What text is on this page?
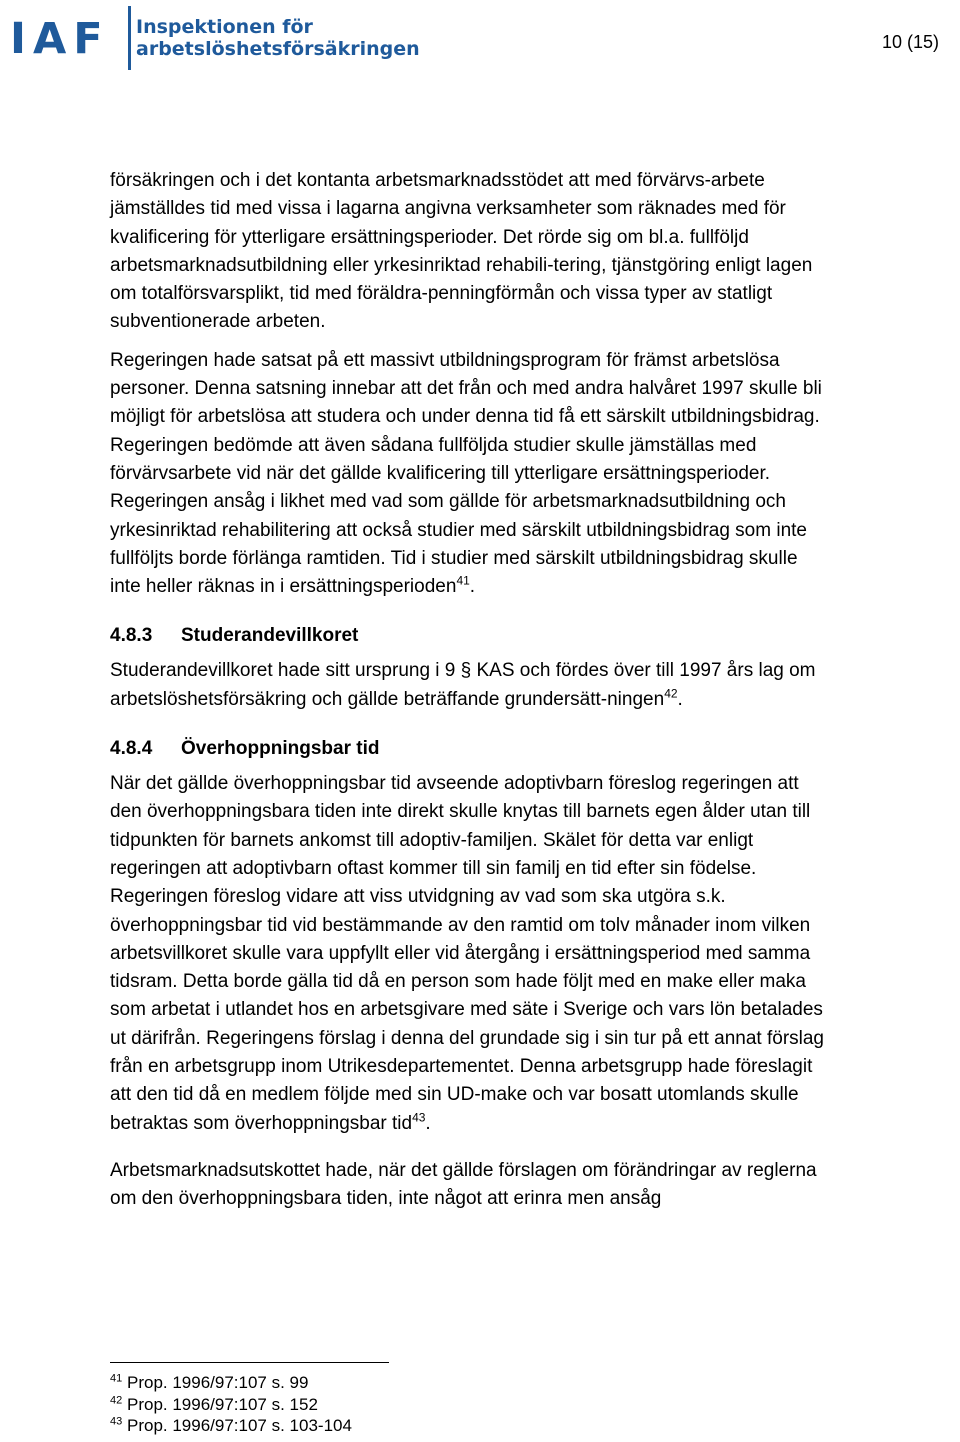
IAF Inspektionen för
arbetslöshetsförsäkringen	10 (15)

försäkringen och i det kontanta arbetsmarknadsstödet att med förvärvs-arbete jämställdes tid med vissa i lagarna angivna verksamheter som räknades med för kvalificering för ytterligare ersättningsperioder. Det rörde sig om bl.a. fullföljd arbetsmarknadsutbildning eller yrkesinriktad rehabili-tering, tjänstgöring enligt lagen om totalförsvarsplikt, tid med föräldra-penningförmån och vissa typer av statligt subventionerade arbeten.

Regeringen hade satsat på ett massivt utbildningsprogram för främst arbetslösa personer. Denna satsning innebar att det från och med andra halvåret 1997 skulle bli möjligt för arbetslösa att studera och under denna tid få ett särskilt utbildningsbidrag. Regeringen bedömde att även sådana fullföljda studier skulle jämställas med förvärvsarbete vid när det gällde kvalificering till ytterligare ersättningsperioder. Regeringen ansåg i likhet med vad som gällde för arbetsmarknadsutbildning och yrkesinriktad rehabilitering att också studier med särskilt utbildningsbidrag som inte fullföljts borde förlänga ramtiden. Tid i studier med särskilt utbildningsbidrag skulle inte heller räknas in i ersättningsperioden$^{41}$.

4.8.3 Studerandevillkoret

Studerandevillkoret hade sitt ursprung i 9 § KAS och fördes över till 1997 års lag om arbetslöshetsförsäkring och gällde beträffande grundersätt-ningen$^{42}$.

4.8.4 Överhoppningsbar tid

När det gällde överhoppningsbar tid avseende adoptivbarn föreslog regeringen att den överhoppningsbara tiden inte direkt skulle knytas till barnets egen ålder utan till tidpunkten för barnets ankomst till adoptiv-familjen. Skälet för detta var enligt regeringen att adoptivbarn oftast kommer till sin familj en tid efter sin födelse. Regeringen föreslog vidare att viss utvidgning av vad som ska utgöra s.k. överhoppningsbar tid vid bestämmande av den ramtid om tolv månader inom vilken arbetsvillkoret skulle vara uppfyllt eller vid återgång i ersättningsperiod med samma tidsram. Detta borde gälla tid då en person som hade följt med en make eller maka som arbetat i utlandet hos en arbetsgivare med säte i Sverige och vars lön betalades ut därifrån. Regeringens förslag i denna del grundade sig i sin tur på ett annat förslag från en arbetsgrupp inom Utrikesdepartementet. Denna arbetsgrupp hade föreslagit att den tid då en medlem följde med sin UD-make och var bosatt utomlands skulle betraktas som överhoppningsbar tid$^{43}$.

Arbetsmarknadsutskottet hade, när det gällde förslagen om förändringar av reglerna om den överhoppningsbara tiden, inte något att erinra men ansåg

$^{41}$ Prop. 1996/97:107 s. 99

$^{42}$ Prop. 1996/97:107 s. 152

$^{43}$ Prop. 1996/97:107 s. 103-104
